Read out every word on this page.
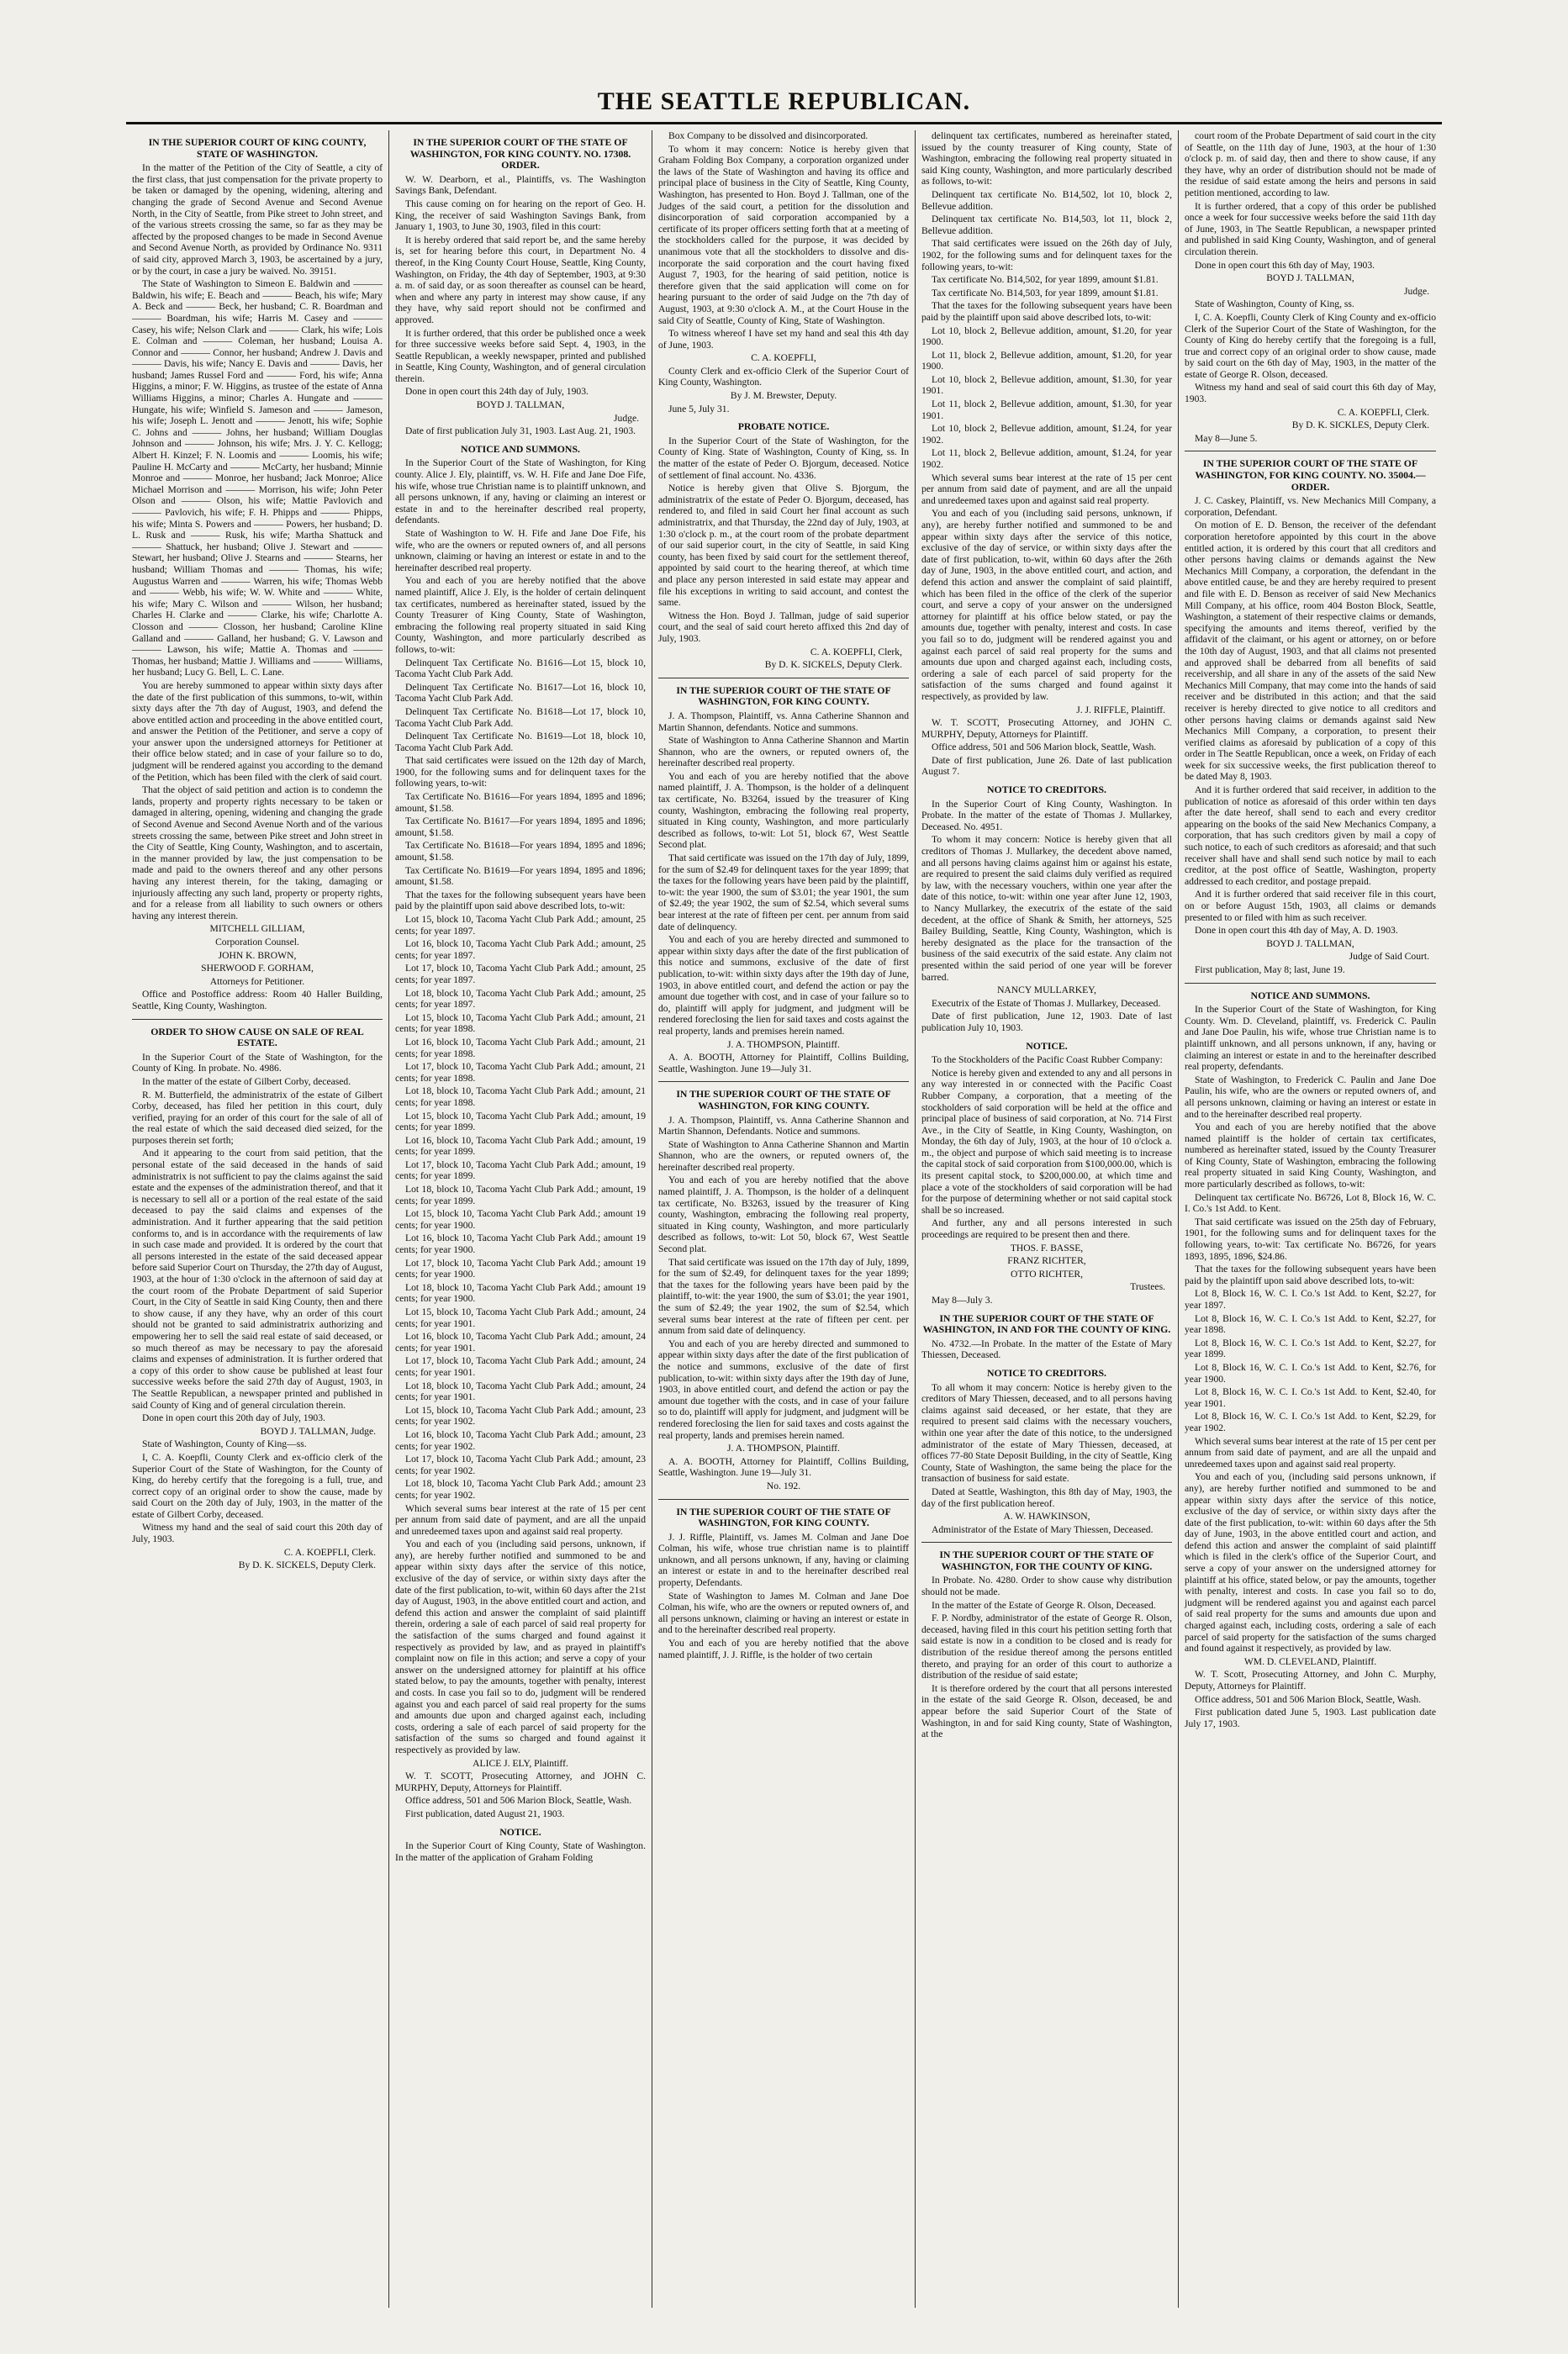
THE SEATTLE REPUBLICAN.
IN THE SUPERIOR COURT OF KING COUNTY, STATE OF WASHINGTON.

In the matter of the Petition of the City of Seattle, a city of the first class, that just compensation for the private property to be taken or damaged by the opening, widening, altering and changing the grade of Second Avenue and Second Avenue North, in the City of Seattle, from Pike street to John street, and of the various streets crossing the same, so far as they may be affected by the proposed changes to be made in Second Avenue and Second Avenue North, as provided by Ordinance No. 9311 of said city, approved March 3, 1903, be ascertained by a jury, or by the court, in case a jury be waived. No. 39151.

The State of Washington to Simeon E. Baldwin and ——— Baldwin, his wife; E. Beach and ——— Beach, his wife; Mary A. Beck and ——— Beck, her husband; C. R. Boardman and ——— Boardman, his wife; Harris M. Casey and ——— Casey, his wife; Nelson Clark and ——— Clark, his wife; Lois E. Colman and ——— Coleman, her husband; Louisa A. Connor and ——— Connor, her husband; Andrew J. Davis and ——— Davis, his wife; Nancy E. Davis and ——— Davis, her husband; James Russel Ford and ——— Ford, his wife; Anna Higgins, a minor; F. W. Higgins, as trustee of the estate of Anna Williams Higgins, a minor; Charles A. Hungate and ——— Hungate, his wife; Winfield S. Jameson and ——— Jameson, his wife; Joseph L. Jenott and ——— Jenott, his wife; Sophie C. Johns and ——— Johns, her husband; William Douglas Johnson and ——— Johnson, his wife; Mrs. J. Y. C. Kellogg; Albert H. Kinzel; F. N. Loomis and ——— Loomis, his wife; Pauline H. McCarty and ——— McCarty, her husband; Minnie Monroe and ——— Monroe, her husband; Jack Monroe; Alice Michael Morrison and ——— Morrison, his wife; John Peter Olson and ——— Olson, his wife; Mattie Pavlovich and ——— Pavlovich, his wife; F. H. Phipps and ——— Phipps, his wife; Minta S. Powers and ——— Powers, her husband; D. L. Rusk and ——— Rusk, his wife; Martha Shattuck and ——— Shattuck, her husband; Olive J. Stewart and ——— Stewart, her husband; Olive J. Stearns and ——— Stearns, her husband; William Thomas and ——— Thomas, his wife; Augustus Warren and ——— Warren, his wife; Thomas Webb and ——— Webb, his wife; W. W. White and ——— White, his wife; Mary C. Wilson and ——— Wilson, her husband; Charles H. Clarke and ——— Clarke, his wife; Charlotte A. Closson and ——— Closson, her husband; Caroline Kline Galland and ——— Galland, her husband; G. V. Lawson and ——— Lawson, his wife; Mattie A. Thomas and ——— Thomas, her husband; Mattie J. Williams and ——— Williams, her husband; Lucy G. Bell, L. C. Lane.

You are hereby summoned to appear within sixty days after the date of the first publication of this summons, to-wit, within sixty days after the 7th day of August, 1903, and defend the above entitled action and proceeding in the above entitled court, and answer the Petition of the Petitioner, and serve a copy of your answer upon the undersigned attorneys for Petitioner at their office below stated; and in case of your failure so to do, judgment will be rendered against you according to the demand of the Petition, which has been filed with the clerk of said court.

That the object of said petition and action is to condemn the lands, property and property rights necessary to be taken or damaged in altering, opening, widening and changing the grade of Second Avenue and Second Avenue North and of the various streets crossing the same, between Pike street and John street in the City of Seattle, King County, Washington, and to ascertain, in the manner provided by law, the just compensation to be made and paid to the owners thereof and any other persons having any interest therein, for the taking, damaging or injuriously affecting any such land, property or property rights, and for a release from all liability to such owners or others having any interest therein.

MITCHELL GILLIAM,
Corporation Counsel.
JOHN K. BROWN,
SHERWOOD F. GORHAM,
Attorneys for Petitioner.

Office and Postoffice address: Room 40 Haller Building, Seattle, King County, Washington.

ORDER TO SHOW CAUSE ON SALE OF REAL ESTATE.

In the Superior Court of the State of Washington, for the County of King. In probate. No. 4986.

In the matter of the estate of Gilbert Corby, deceased.

R. M. Butterfield, the administratrix of the estate of Gilbert Corby, deceased, has filed her petition in this court, duly verified, praying for an order of this court for the sale of all of the real estate of which the said deceased died seized, for the purposes therein set forth;

And it appearing to the court from said petition, that the personal estate of the said deceased in the hands of said administratrix is not sufficient to pay the claims against the said estate and the expenses of the administration thereof, and that it is necessary to sell all or a portion of the real estate of the said deceased to pay the said claims and expenses of the administration. And it further appearing that the said petition conforms to, and is in accordance with the requirements of law in such case made and provided. It is ordered by the court that all persons interested in the estate of the said deceased appear before said Superior Court on Thursday, the 27th day of August, 1903, at the hour of 1:30 o'clock in the afternoon of said day at the court room of the Probate Department of said Superior Court, in the City of Seattle in said King County, then and there to show cause, if any they have, why an order of this court should not be granted to said administratrix authorizing and empowering her to sell the said real estate of said deceased, or so much thereof as may be necessary to pay the aforesaid claims and expenses of administration. It is further ordered that a copy of this order to show cause be published at least four successive weeks before the said 27th day of August, 1903, in The Seattle Republican, a newspaper printed and published in said County of King and of general circulation therein.

Done in open court this 20th day of July, 1903.

BOYD J. TALLMAN, Judge.

State of Washington, County of King—ss.

I, C. A. Koepfli, County Clerk and ex-officio clerk of the Superior Court of the State of Washington, for the County of King, do hereby certify that the foregoing is a full, true, and correct copy of an original order to show the cause, made by said Court on the 20th day of July, 1903, in the matter of the estate of Gilbert Corby, deceased.

Witness my hand and the seal of said court this 20th day of July, 1903.

C. A. KOEPFLI, Clerk.
By D. K. SICKELS, Deputy Clerk.
IN THE SUPERIOR COURT OF THE STATE OF WASHINGTON, FOR KING COUNTY. NO. 17308. ORDER.

W. W. Dearborn, et al., Plaintiffs, vs. The Washington Savings Bank, Defendant.

This cause coming on for hearing on the report of Geo. H. King, the receiver of said Washington Savings Bank, from January 1, 1903, to June 30, 1903, filed in this court:

It is hereby ordered that said report be, and the same hereby is, set for hearing before this court, in Department No. 4 thereof, in the King County Court House, Seattle, King County, Washington, on Friday, the 4th day of September, 1903, at 9:30 a. m. of said day, or as soon thereafter as counsel can be heard, when and where any party in interest may show cause, if any they have, why said report should not be confirmed and approved.

It is further ordered, that this order be published once a week for three successive weeks before said Sept. 4, 1903, in the Seattle Republican, a weekly newspaper, printed and published in Seattle, King County, Washington, and of general circulation therein.

Done in open court this 24th day of July, 1903.

BOYD J. TALLMAN,
Judge.

Date of first publication July 31, 1903. Last Aug. 21, 1903.

NOTICE AND SUMMONS.

In the Superior Court of the State of Washington, for King county. Alice J. Ely, plaintiff, vs. W. H. Fife and Jane Doe Fife, his wife, whose true Christian name is to plaintiff unknown, and all persons unknown, if any, having or claiming an interest or estate in and to the hereinafter described real property, defendants.

State of Washington to W. H. Fife and Jane Doe Fife, his wife, who are the owners or reputed owners of, and all persons unknown, claiming or having an interest or estate in and to the hereinafter described real property.

You and each of you are hereby notified that the above named plaintiff, Alice J. Ely, is the holder of certain delinquent tax certificates, numbered as hereinafter stated, issued by the County Treasurer of King County, State of Washington, embracing the following real property situated in said King County, Washington, and more particularly described as follows, to-wit:

Delinquent Tax Certificate No. B1616—Lot 15, block 10, Tacoma Yacht Club Park Add.

Delinquent Tax Certificate No. B1617—Lot 16, block 10, Tacoma Yacht Club Park Add.

Delinquent Tax Certificate No. B1618—Lot 17, block 10, Tacoma Yacht Club Park Add.

Delinquent Tax Certificate No. B1619—Lot 18, block 10, Tacoma Yacht Club Park Add.

That said certificates were issued on the 12th day of March, 1900, for the following sums and for delinquent taxes for the following years, to-wit:

Tax Certificate No. B1616—For years 1894, 1895 and 1896; amount, $1.58.

Tax Certificate No. B1617—For years 1894, 1895 and 1896; amount, $1.58.

Tax Certificate No. B1618—For years 1894, 1895 and 1896; amount, $1.58.

Tax Certificate No. B1619—For years 1894, 1895 and 1896; amount, $1.58.

That the taxes for the following subsequent years have been paid by the plaintiff upon said above described lots, to-wit:

Lot 15, block 10, Tacoma Yacht Club Park Add.; amount, 25 cents; for year 1897.

Lot 16, block 10, Tacoma Yacht Club Park Add.; amount, 25 cents; for year 1897.

Lot 17, block 10, Tacoma Yacht Club Park Add.; amount, 25 cents; for year 1897.

Lot 18, block 10, Tacoma Yacht Club Park Add.; amount, 25 cents; for year 1897.

Lot 15, block 10, Tacoma Yacht Club Park Add.; amount, 21 cents; for year 1898.

Lot 16, block 10, Tacoma Yacht Club Park Add.; amount, 21 cents; for year 1898.

Lot 17, block 10, Tacoma Yacht Club Park Add.; amount, 21 cents; for year 1898.

Lot 18, block 10, Tacoma Yacht Club Park Add.; amount, 21 cents; for year 1898.

Lot 15, block 10, Tacoma Yacht Club Park Add.; amount, 19 cents; for year 1899.

Lot 16, block 10, Tacoma Yacht Club Park Add.; amount, 19 cents; for year 1899.

Lot 17, block 10, Tacoma Yacht Club Park Add.; amount, 19 cents; for year 1899.

Lot 18, block 10, Tacoma Yacht Club Park Add.; amount, 19 cents; for year 1899.

Lot 15, block 10, Tacoma Yacht Club Park Add.; amount 19 cents; for year 1900.

Lot 16, block 10, Tacoma Yacht Club Park Add.; amount 19 cents; for year 1900.

Lot 17, block 10, Tacoma Yacht Club Park Add.; amount 19 cents; for year 1900.

Lot 18, block 10, Tacoma Yacht Club Park Add.; amount 19 cents; for year 1900.

Lot 15, block 10, Tacoma Yacht Club Park Add.; amount, 24 cents; for year 1901.

Lot 16, block 10, Tacoma Yacht Club Park Add.; amount, 24 cents; for year 1901.

Lot 17, block 10, Tacoma Yacht Club Park Add.; amount, 24 cents; for year 1901.

Lot 18, block 10, Tacoma Yacht Club Park Add.; amount, 24 cents; for year 1901.

Lot 15, block 10, Tacoma Yacht Club Park Add.; amount, 23 cents; for year 1902.

Lot 16, block 10, Tacoma Yacht Club Park Add.; amount, 23 cents; for year 1902.

Lot 17, block 10, Tacoma Yacht Club Park Add.; amount, 23 cents; for year 1902.

Lot 18, block 10, Tacoma Yacht Club Park Add.; amount 23 cents; for year 1902.

Which several sums bear interest at the rate of 15 per cent per annum from said date of payment, and are all the unpaid and unredeemed taxes upon and against said real property.

You and each of you (including said persons, unknown, if any), are hereby further notified and summoned to be and appear within sixty days after the service of this notice, exclusive of the day of service, or within sixty days after the date of the first publication, to-wit, within 60 days after the 21st day of August, 1903, in the above entitled court and action, and defend this action and answer the complaint of said plaintiff therein, ordering a sale of each parcel of said real property for the satisfaction of the sums charged and found against it respectively as provided by law, and as prayed in plaintiff's complaint now on file in this action; and serve a copy of your answer on the undersigned attorney for plaintiff at his office stated below, to pay the amounts, together with penalty, interest and costs. In case you fail so to do, judgment will be rendered against you and each parcel of said real property for the sums and amounts due upon and charged against each, including costs, ordering a sale of each parcel of said property for the satisfaction of the sums so charged and found against it respectively as provided by law.

ALICE J. ELY, Plaintiff.

W. T. SCOTT, Prosecuting Attorney, and JOHN C. MURPHY, Deputy, Attorneys for Plaintiff.

Office address, 501 and 506 Marion Block, Seattle, Wash.

First publication, dated August 21, 1903.

NOTICE.

In the Superior Court of King County, State of Washington. In the matter of the application of Graham Folding

Box Company to be dissolved and disincorporated.

To whom it may concern: Notice is hereby given that Graham Folding Box Company, a corporation organized under the laws of the State of Washington and having its office and principal place of business in the City of Seattle, King County, Washington, has presented to Hon. Boyd J. Tallman, one of the Judges of the said court, a petition for the dissolution and disincorporation of said corporation accompanied by a certificate of its proper officers setting forth that at a meeting of the stockholders called for the purpose, it was decided by unanimous vote that all the stockholders to dissolve and dis-incorporate the said corporation and the court having fixed August 7, 1903, for the hearing of said petition, notice is therefore given that the said application will come on for hearing pursuant to the order of said Judge on the 7th day of August, 1903, at 9:30 o'clock A. M., at the Court House in the said City of Seattle, County of King, State of Washington.

To witness whereof I have set my hand and seal this 4th day of June, 1903.

C. A. KOEPFLI,

County Clerk and ex-officio Clerk of the Superior Court of King County, Washington.

By J. M. Brewster, Deputy.

June 5, July 31.

PROBATE NOTICE.

In the Superior Court of the State of Washington, for the County of King. State of Washington, County of King, ss. In the matter of the estate of Peder O. Bjorgum, deceased. Notice of settlement of final account. No. 4336.

Notice is hereby given that Olive S. Bjorgum, the administratrix of the estate of Peder O. Bjorgum, deceased, has rendered to, and filed in said Court her final account as such administratrix, and that Thursday, the 22nd day of July, 1903, at 1:30 o'clock p. m., at the court room of the probate department of our said superior court, in the city of Seattle, in said King county, has been fixed by said court for the settlement thereof, appointed by said court to the hearing thereof, at which time and place any person interested in said estate may appear and file his exceptions in writing to said account, and contest the same.

Witness the Hon. Boyd J. Tallman, judge of said superior court, and the seal of said court hereto affixed this 2nd day of July, 1903.

C. A. KOEPFLI, Clerk,
By D. K. SICKELS, Deputy Clerk.
IN THE SUPERIOR COURT OF THE STATE OF WASHINGTON, FOR KING COUNTY.

J. A. Thompson, Plaintiff, vs. Anna Catherine Shannon and Martin Shannon, defendants. Notice and summons.

State of Washington to Anna Catherine Shannon and Martin Shannon, who are the owners, or reputed owners of, the hereinafter described real property.

You and each of you are hereby notified that the above named plaintiff, J. A. Thompson, is the holder of a delinquent tax certificate, No. B3264, issued by the treasurer of King county, Washington, embracing the following real property, situated in King county, Washington, and more particularly described as follows, to-wit: Lot 51, block 67, West Seattle Second plat.

That said certificate was issued on the 17th day of July, 1899, for the sum of $2.49 for delinquent taxes for the year 1899; that the taxes for the following years have been paid by the plaintiff, to-wit: the year 1900, the sum of $3.01; the year 1901, the sum of $2.49; the year 1902, the sum of $2.54, which several sums bear interest at the rate of fifteen per cent. per annum from said date of delinquency.

You and each of you are hereby directed and summoned to appear within sixty days after the date of the first publication of this notice and summons, exclusive of the date of first publication, to-wit: within sixty days after the 19th day of June, 1903, in above entitled court, and defend the action or pay the amount due together with cost, and in case of your failure so to do, plaintiff will apply for judgment, and judgment will be rendered foreclosing the lien for said taxes and costs against the real property, lands and premises herein named.

J. A. THOMPSON, Plaintiff.

A. A. BOOTH, Attorney for Plaintiff, Collins Building, Seattle, Washington. June 19—July 31.

IN THE SUPERIOR COURT OF THE STATE OF WASHINGTON, FOR KING COUNTY.

J. A. Thompson, Plaintiff, vs. Anna Catherine Shannon and Martin Shannon, Defendants. Notice and summons.

State of Washington to Anna Catherine Shannon and Martin Shannon, who are the owners, or reputed owners of, the hereinafter described real property.

You and each of you are hereby notified that the above named plaintiff, J. A. Thompson, is the holder of a delinquent tax certificate, No. B3263, issued by the treasurer of King county, Washington, embracing the following real property, situated in King county, Washington, and more particularly described as follows, to-wit: Lot 50, block 67, West Seattle Second plat.

That said certificate was issued on the 17th day of July, 1899, for the sum of $2.49, for delinquent taxes for the year 1899; that the taxes for the following years have been paid by the plaintiff, to-wit: the year 1900, the sum of $3.01; the year 1901, the sum of $2.49; the year 1902, the sum of $2.54, which several sums bear interest at the rate of fifteen per cent. per annum from said date of delinquency.

You and each of you are hereby directed and summoned to appear within sixty days after the date of the first publication of the notice and summons, exclusive of the date of first publication, to-wit: within sixty days after the 19th day of June, 1903, in above entitled court, and defend the action or pay the amount due together with the costs, and in case of your failure so to do, plaintiff will apply for judgment, and judgment will be rendered foreclosing the lien for said taxes and costs against the real property, lands and premises herein named.

J. A. THOMPSON, Plaintiff.

A. A. BOOTH, Attorney for Plaintiff, Collins Building, Seattle, Washington. June 19—July 31.

No. 192.
IN THE SUPERIOR COURT OF THE STATE OF WASHINGTON, FOR KING COUNTY.

J. J. Riffle, Plaintiff, vs. James M. Colman and Jane Doe Colman, his wife, whose true christian name is to plaintiff unknown, and all persons unknown, if any, having or claiming an interest or estate in and to the hereinafter described real property, Defendants.

State of Washington to James M. Colman and Jane Doe Colman, his wife, who are the owners or reputed owners of, and all persons unknown, claiming or having an interest or estate in and to the hereinafter described real property.

You and each of you are hereby notified that the above named plaintiff, J. J. Riffle, is the holder of two certain

delinquent tax certificates, numbered as hereinafter stated, issued by the county treasurer of King county, State of Washington, embracing the following real property situated in said King county, Washington, and more particularly described as follows, to-wit:

Delinquent tax certificate No. B14,502, lot 10, block 2, Bellevue addition.

Delinquent tax certificate No. B14,503, lot 11, block 2, Bellevue addition.

That said certificates were issued on the 26th day of July, 1902, for the following sums and for delinquent taxes for the following years, to-wit:

Tax certificate No. B14,502, for year 1899, amount $1.81.

Tax certificate No. B14,503, for year 1899, amount $1.81.

That the taxes for the following subsequent years have been paid by the plaintiff upon said above described lots, to-wit:

Lot 10, block 2, Bellevue addition, amount, $1.20, for year 1900.

Lot 11, block 2, Bellevue addition, amount, $1.20, for year 1900.

Lot 10, block 2, Bellevue addition, amount, $1.30, for year 1901.

Lot 11, block 2, Bellevue addition, amount, $1.30, for year 1901.

Lot 10, block 2, Bellevue addition, amount, $1.24, for year 1902.

Lot 11, block 2, Bellevue addition, amount, $1.24, for year 1902.

Which several sums bear interest at the rate of 15 per cent per annum from said date of payment, and are all the unpaid and unredeemed taxes upon and against said real property.

You and each of you (including said persons, unknown, if any), are hereby further notified and summoned to be and appear within sixty days after the service of this notice, exclusive of the day of service, or within sixty days after the date of first publication, to-wit, within 60 days after the 26th day of June, 1903, in the above entitled court, and action, and defend this action and answer the complaint of said plaintiff, which has been filed in the office of the clerk of the superior court, and serve a copy of your answer on the undersigned attorney for plaintiff at his office below stated, or pay the amounts due, together with penalty, interest and costs. In case you fail so to do, judgment will be rendered against you and against each parcel of said real property for the sums and amounts due upon and charged against each, including costs, ordering a sale of each parcel of said property for the satisfaction of the sums charged and found against it respectively, as provided by law.

J. J. RIFFLE, Plaintiff.

W. T. SCOTT, Prosecuting Attorney, and JOHN C. MURPHY, Deputy, Attorneys for Plaintiff.

Office address, 501 and 506 Marion block, Seattle, Wash.

Date of first publication, June 26. Date of last publication August 7.

NOTICE TO CREDITORS.

In the Superior Court of King County, Washington. In Probate. In the matter of the estate of Thomas J. Mullarkey, Deceased. No. 4951.

To whom it may concern: Notice is hereby given that all creditors of Thomas J. Mullarkey, the decedent above named, and all persons having claims against him or against his estate, are required to present the said claims duly verified as required by law, with the necessary vouchers, within one year after the date of this notice, to-wit: within one year after June 12, 1903, to Nancy Mullarkey, the executrix of the estate of the said decedent, at the office of Shank & Smith, her attorneys, 525 Bailey Building, Seattle, King County, Washington, which is hereby designated as the place for the transaction of the business of the said executrix of the said estate. Any claim not presented within the said period of one year will be forever barred.

NANCY MULLARKEY,

Executrix of the Estate of Thomas J. Mullarkey, Deceased.

Date of first publication, June 12, 1903. Date of last publication July 10, 1903.

NOTICE.

To the Stockholders of the Pacific Coast Rubber Company:

Notice is hereby given and extended to any and all persons in any way interested in or connected with the Pacific Coast Rubber Company, a corporation, that a meeting of the stockholders of said corporation will be held at the office and principal place of business of said corporation, at No. 714 First Ave., in the City of Seattle, in King County, Washington, on Monday, the 6th day of July, 1903, at the hour of 10 o'clock a. m., the object and purpose of which said meeting is to increase the capital stock of said corporation from $100,000.00, which is its present capital stock, to $200,000.00, at which time and place a vote of the stockholders of said corporation will be had for the purpose of determining whether or not said capital stock shall be so increased.

And further, any and all persons interested in such proceedings are required to be present then and there.

THOS. F. BASSE,
FRANZ RICHTER,
OTTO RICHTER,
Trustees.

May 8—July 3.

IN THE SUPERIOR COURT OF THE STATE OF WASHINGTON, IN AND FOR THE COUNTY OF KING.

No. 4732.—In Probate. In the matter of the Estate of Mary Thiessen, Deceased.

NOTICE TO CREDITORS.

To all whom it may concern: Notice is hereby given to the creditors of Mary Thiessen, deceased, and to all persons having claims against said deceased, or her estate, that they are required to present said claims with the necessary vouchers, within one year after the date of this notice, to the undersigned administrator of the estate of Mary Thiessen, deceased, at offices 77-80 State Deposit Building, in the city of Seattle, King County, State of Washington, the same being the place for the transaction of business for said estate.

Dated at Seattle, Washington, this 8th day of May, 1903, the day of the first publication hereof.

A. W. HAWKINSON,

Administrator of the Estate of Mary Thiessen, Deceased.

IN THE SUPERIOR COURT OF THE STATE OF WASHINGTON, FOR THE COUNTY OF KING.

In Probate. No. 4280. Order to show cause why distribution should not be made.

In the matter of the Estate of George R. Olson, Deceased.

F. P. Nordby, administrator of the estate of George R. Olson, deceased, having filed in this court his petition setting forth that said estate is now in a condition to be closed and is ready for distribution of the residue thereof among the persons entitled thereto, and praying for an order of this court to authorize a distribution of the residue of said estate;

It is therefore ordered by the court that all persons interested in the estate of the said George R. Olson, deceased, be and appear before the said Superior Court of the State of Washington, in and for said King county, State of Washington, at the

court room of the Probate Department of said court in the city of Seattle, on the 11th day of June, 1903, at the hour of 1:30 o'clock p. m. of said day, then and there to show cause, if any they have, why an order of distribution should not be made of the residue of said estate among the heirs and persons in said petition mentioned, according to law.

It is further ordered, that a copy of this order be published once a week for four successive weeks before the said 11th day of June, 1903, in The Seattle Republican, a newspaper printed and published in said King County, Washington, and of general circulation therein.

Done in open court this 6th day of May, 1903.

BOYD J. TALLMAN,
Judge.

State of Washington, County of King, ss.

I, C. A. Koepfli, County Clerk of King County and ex-officio Clerk of the Superior Court of the State of Washington, for the County of King do hereby certify that the foregoing is a full, true and correct copy of an original order to show cause, made by said court on the 6th day of May, 1903, in the matter of the estate of George R. Olson, deceased.

Witness my hand and seal of said court this 6th day of May, 1903.

C. A. KOEPFLI, Clerk.
By D. K. SICKLES, Deputy Clerk.

May 8—June 5.

IN THE SUPERIOR COURT OF THE STATE OF WASHINGTON, FOR KING COUNTY. NO. 35004.—ORDER.

J. C. Caskey, Plaintiff, vs. New Mechanics Mill Company, a corporation, Defendant.

On motion of E. D. Benson, the receiver of the defendant corporation heretofore appointed by this court in the above entitled action, it is ordered by this court that all creditors and other persons having claims or demands against the New Mechanics Mill Company, a corporation, the defendant in the above entitled cause, be and they are hereby required to present and file with E. D. Benson as receiver of said New Mechanics Mill Company, at his office, room 404 Boston Block, Seattle, Washington, a statement of their respective claims or demands, specifying the amounts and items thereof, verified by the affidavit of the claimant, or his agent or attorney, on or before the 10th day of August, 1903, and that all claims not presented and approved shall be debarred from all benefits of said receivership, and all share in any of the assets of the said New Mechanics Mill Company, that may come into the hands of said receiver and be distributed in this action; and that the said receiver is hereby directed to give notice to all creditors and other persons having claims or demands against said New Mechanics Mill Company, a corporation, to present their verified claims as aforesaid by publication of a copy of this order in The Seattle Republican, once a week, on Friday of each week for six successive weeks, the first publication thereof to be dated May 8, 1903.

And it is further ordered that said receiver, in addition to the publication of notice as aforesaid of this order within ten days after the date hereof, shall send to each and every creditor appearing on the books of the said New Mechanics Company, a corporation, that has such creditors given by mail a copy of such notice, to each of such creditors as aforesaid; and that such receiver shall have and shall send such notice by mail to each creditor, at the post office of Seattle, Washington, property addressed to each creditor, and postage prepaid.

And it is further ordered that said receiver file in this court, on or before August 15th, 1903, all claims or demands presented to or filed with him as such receiver.

Done in open court this 4th day of May, A. D. 1903.

BOYD J. TALLMAN,
Judge of Said Court.

First publication, May 8; last, June 19.

NOTICE AND SUMMONS.

In the Superior Court of the State of Washington, for King County. Wm. D. Cleveland, plaintiff, vs. Frederick C. Paulin and Jane Doe Paulin, his wife, whose true Christian name is to plaintiff unknown, and all persons unknown, if any, having or claiming an interest or estate in and to the hereinafter described real property, defendants.

State of Washington, to Frederick C. Paulin and Jane Doe Paulin, his wife, who are the owners or reputed owners of, and all persons unknown, claiming or having an interest or estate in and to the hereinafter described real property.

You and each of you are hereby notified that the above named plaintiff is the holder of certain tax certificates, numbered as hereinafter stated, issued by the County Treasurer of King County, State of Washington, embracing the following real property situated in said King County, Washington, and more particularly described as follows, to-wit:

Delinquent tax certificate No. B6726, Lot 8, Block 16, W. C. I. Co.'s 1st Add. to Kent.

That said certificate was issued on the 25th day of February, 1901, for the following sums and for delinquent taxes for the following years, to-wit: Tax certificate No. B6726, for years 1893, 1895, 1896, $24.86.

That the taxes for the following subsequent years have been paid by the plaintiff upon said above described lots, to-wit:

Lot 8, Block 16, W. C. I. Co.'s 1st Add. to Kent, $2.27, for year 1897.

Lot 8, Block 16, W. C. I. Co.'s 1st Add. to Kent, $2.27, for year 1898.

Lot 8, Block 16, W. C. I. Co.'s 1st Add. to Kent, $2.27, for year 1899.

Lot 8, Block 16, W. C. I. Co.'s 1st Add. to Kent, $2.76, for year 1900.

Lot 8, Block 16, W. C. I. Co.'s 1st Add. to Kent, $2.40, for year 1901.

Lot 8, Block 16, W. C. I. Co.'s 1st Add. to Kent, $2.29, for year 1902.

Which several sums bear interest at the rate of 15 per cent per annum from said date of payment, and are all the unpaid and unredeemed taxes upon and against said real property.

You and each of you, (including said persons unknown, if any), are hereby further notified and summoned to be and appear within sixty days after the service of this notice, exclusive of the day of service, or within sixty days after the date of the first publication, to-wit: within 60 days after the 5th day of June, 1903, in the above entitled court and action, and defend this action and answer the complaint of said plaintiff which is filed in the clerk's office of the Superior Court, and serve a copy of your answer on the undersigned attorney for plaintiff at his office, stated below, or pay the amounts, together with penalty, interest and costs. In case you fail so to do, judgment will be rendered against you and against each parcel of said real property for the sums and amounts due upon and charged against each, including costs, ordering a sale of each parcel of said property for the satisfaction of the sums charged and found against it respectively, as provided by law.

WM. D. CLEVELAND, Plaintiff.

W. T. Scott, Prosecuting Attorney, and John C. Murphy, Deputy, Attorneys for Plaintiff.

Office address, 501 and 506 Marion Block, Seattle, Wash.

First publication dated June 5, 1903. Last publication date July 17, 1903.
